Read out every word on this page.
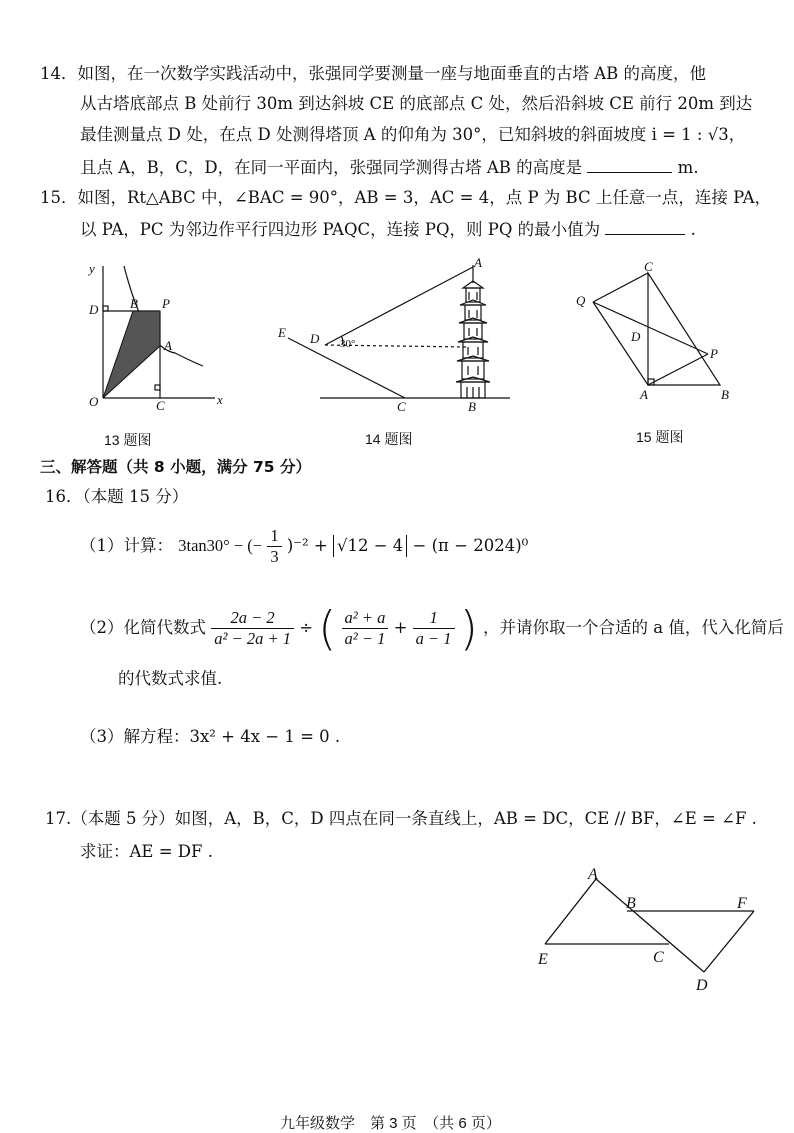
14．如图，在一次数学实践活动中，张强同学要测量一座与地面垂直的古塔 AB 的高度，他
从古塔底部点 B 处前行 30m 到达斜坡 CE 的底部点 C 处，然后沿斜坡 CE 前行 20m 到达
最佳测量点 D 处，在点 D 处测得塔顶 A 的仰角为 30°，已知斜坡的斜面坡度 i = 1 : √3，
且点 A，B，C，D，在同一平面内，张强同学测得古塔 AB 的高度是	m.
15．如图，Rt△ABC 中，∠BAC = 90°，AB = 3，AC = 4，点 P 为 BC 上任意一点，连接 PA，
以 PA，PC 为邻边作平行四边形 PAQC，连接 PQ，则 PQ 的最小值为	.
y
x
O	C
D B P
A
13 题图
A
B
C
D
E
30°
14 题图
C
Q
D
P
A	B
15 题图
三、解答题（共 8 小题，满分 75 分）
16．（本题 15 分）
（1）计算： 3tan30° − (− $\frac{1}{3} )^{-2} + √12 - 4 - (\pi - 2024)^0$
（2）化简代数式 $\frac{2a - 2}{\text{a² − 2a + 1}}$ ÷ ( $\frac{\text{a² + a}}{\text{a² − 1}} + \frac{1}{a - 1}$ ) ，并请你取一个合适的 a 值，代入化简后
的代数式求值.
（3）解方程：3x² + 4x − 1 = 0 .
17.（本题 5 分）如图，A，B，C，D 四点在同一条直线上，AB = DC，CE // BF，∠E = ∠F .
求证：AE = DF .
A
B
C
D
E
F
九年级数学　第 3 页　（共 6 页）
